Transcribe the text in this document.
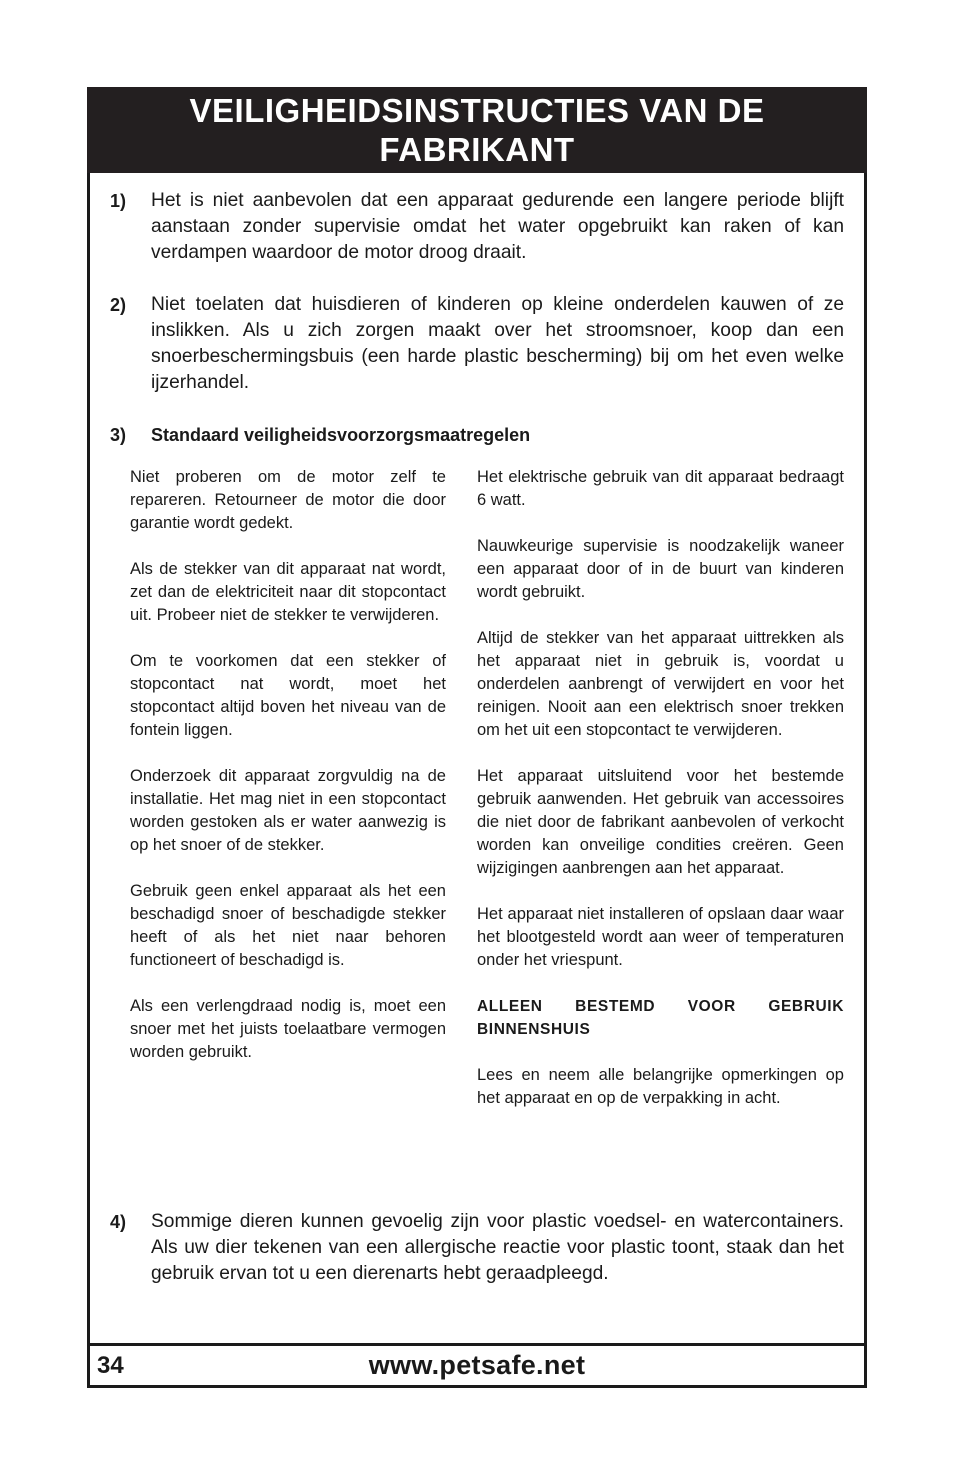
VEILIGHEIDSINSTRUCTIES VAN DE
FABRIKANT
1) Het is niet aanbevolen dat een apparaat gedurende een langere periode blijft aanstaan zonder supervisie omdat het water opgebruikt kan raken of kan verdampen waardoor de motor droog draait.
2) Niet toelaten dat huisdieren of kinderen op kleine onderdelen kauwen of ze inslikken. Als u zich zorgen maakt over het stroomsnoer, koop dan een snoerbeschermingsbuis (een harde plastic bescherming) bij om het even welke ijzerhandel.
3) Standaard veiligheidsvoorzorgsmaatregelen

Niet proberen om de motor zelf te repareren. Retourneer de motor die door garantie wordt gedekt.

Als de stekker van dit apparaat nat wordt, zet dan de elektriciteit naar dit stopcontact uit. Probeer niet de stekker te verwijderen.

Om te voorkomen dat een stekker of stopcontact nat wordt, moet het stopcontact altijd boven het niveau van de fontein liggen.

Onderzoek dit apparaat zorgvuldig na de installatie. Het mag niet in een stopcontact worden gestoken als er water aanwezig is op het snoer of de stekker.

Gebruik geen enkel apparaat als het een beschadigd snoer of beschadigde stekker heeft of als het niet naar behoren functioneert of beschadigd is.

Als een verlengdraad nodig is, moet een snoer met het juists toelaatbare vermogen worden gebruikt.

Het elektrische gebruik van dit apparaat bedraagt 6 watt.

Nauwkeurige supervisie is noodzakelijk waneer een apparaat door of in de buurt van kinderen wordt gebruikt.

Altijd de stekker van het apparaat uittrekken als het apparaat niet in gebruik is, voordat u onderdelen aanbrengt of verwijdert en voor het reinigen. Nooit aan een elektrisch snoer trekken om het uit een stopcontact te verwijderen.

Het apparaat uitsluitend voor het bestemde gebruik aanwenden. Het gebruik van accessoires die niet door de fabrikant aanbevolen of verkocht worden kan onveilige condities creëren. Geen wijzigingen aanbrengen aan het apparaat.

Het apparaat niet installeren of opslaan daar waar het blootgesteld wordt aan weer of temperaturen onder het vriespunt.

ALLEEN BESTEMD VOOR GEBRUIK BINNENSHUIS

Lees en neem alle belangrijke opmerkingen op het apparaat en op de verpakking in acht.

4) Sommige dieren kunnen gevoelig zijn voor plastic voedsel- en watercontainers. Als uw dier tekenen van een allergische reactie voor plastic toont, staak dan het gebruik ervan tot u een dierenarts hebt geraadpleegd.
34	www.petsafe.net
